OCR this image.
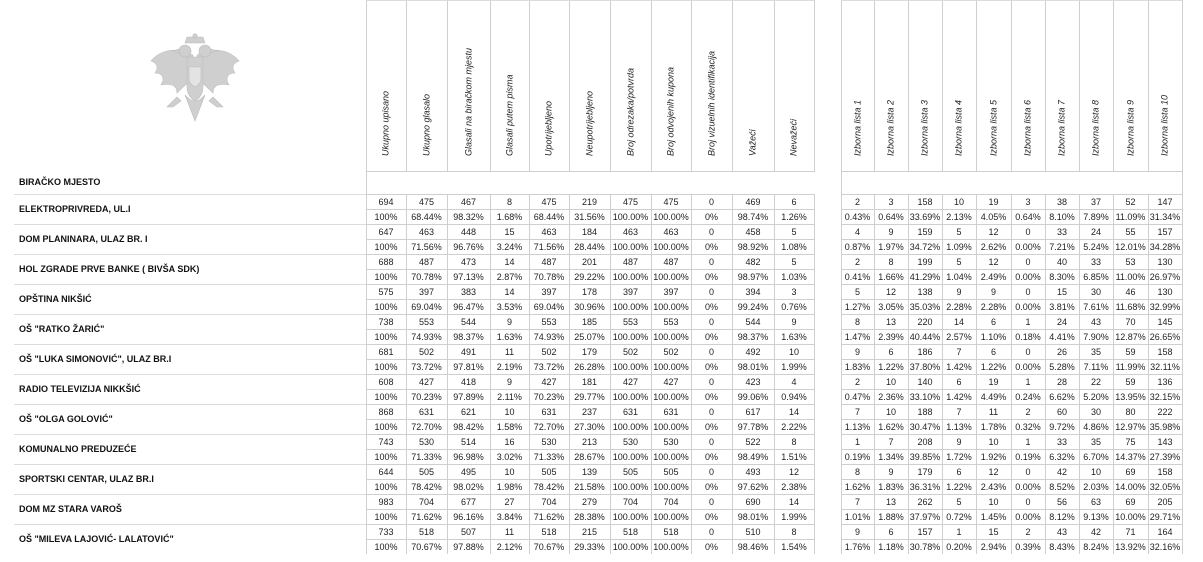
Ukupno upisano	Ukupno glasalo	Glasali na biračkom mjestu	Glasali putem pisma	Upotrijebljeno	Neupotrijebljeno	Broj odrezaka/potvrda	Broj odvojenih kupona	Broj vizuelnih identifikacija	Važeći	Nevažeći		Izborna lista 1	Izborna lista 2	Izborna lista 3	Izborna lista 4	Izborna lista 5	Izborna lista 6	Izborna lista 7	Izborna lista 8	Izborna lista 9	Izborna lista 10

BIRAČKO MJESTO																						
ELEKTROPRIVREDA, UL.I	694	475	467	8	475	219	475	475	0	469	6		2	3	158	10	19	3	38	37	52	147
	100%	68.44%	98.32%	1.68%	68.44%	31.56%	100.00%	100.00%	0%	98.74%	1.26%		0.43%	0.64%	33.69%	2.13%	4.05%	0.64%	8.10%	7.89%	11.09%	31.34%
DOM PLANINARA, ULAZ BR. I	647	463	448	15	463	184	463	463	0	458	5		4	9	159	5	12	0	33	24	55	157
	100%	71.56%	96.76%	3.24%	71.56%	28.44%	100.00%	100.00%	0%	98.92%	1.08%		0.87%	1.97%	34.72%	1.09%	2.62%	0.00%	7.21%	5.24%	12.01%	34.28%
HOL ZGRADE PRVE BANKE ( BIVŠA SDK)	688	487	473	14	487	201	487	487	0	482	5		2	8	199	5	12	0	40	33	53	130
	100%	70.78%	97.13%	2.87%	70.78%	29.22%	100.00%	100.00%	0%	98.97%	1.03%		0.41%	1.66%	41.29%	1.04%	2.49%	0.00%	8.30%	6.85%	11.00%	26.97%
OPŠTINA NIKŠIĆ	575	397	383	14	397	178	397	397	0	394	3		5	12	138	9	9	0	15	30	46	130
	100%	69.04%	96.47%	3.53%	69.04%	30.96%	100.00%	100.00%	0%	99.24%	0.76%		1.27%	3.05%	35.03%	2.28%	2.28%	0.00%	3.81%	7.61%	11.68%	32.99%
OŠ "RATKO ŽARIĆ"	738	553	544	9	553	185	553	553	0	544	9		8	13	220	14	6	1	24	43	70	145
	100%	74.93%	98.37%	1.63%	74.93%	25.07%	100.00%	100.00%	0%	98.37%	1.63%		1.47%	2.39%	40.44%	2.57%	1.10%	0.18%	4.41%	7.90%	12.87%	26.65%
OŠ "LUKA SIMONOVIĆ", ULAZ BR.I	681	502	491	11	502	179	502	502	0	492	10		9	6	186	7	6	0	26	35	59	158
	100%	73.72%	97.81%	2.19%	73.72%	26.28%	100.00%	100.00%	0%	98.01%	1.99%		1.83%	1.22%	37.80%	1.42%	1.22%	0.00%	5.28%	7.11%	11.99%	32.11%
RADIO TELEVIZIJA NIKKŠIĆ	608	427	418	9	427	181	427	427	0	423	4		2	10	140	6	19	1	28	22	59	136
	100%	70.23%	97.89%	2.11%	70.23%	29.77%	100.00%	100.00%	0%	99.06%	0.94%		0.47%	2.36%	33.10%	1.42%	4.49%	0.24%	6.62%	5.20%	13.95%	32.15%
OŠ "OLGA GOLOVIĆ"	868	631	621	10	631	237	631	631	0	617	14		7	10	188	7	11	2	60	30	80	222
	100%	72.70%	98.42%	1.58%	72.70%	27.30%	100.00%	100.00%	0%	97.78%	2.22%		1.13%	1.62%	30.47%	1.13%	1.78%	0.32%	9.72%	4.86%	12.97%	35.98%
KOMUNALNO PREDUZEĆE	743	530	514	16	530	213	530	530	0	522	8		1	7	208	9	10	1	33	35	75	143
	100%	71.33%	96.98%	3.02%	71.33%	28.67%	100.00%	100.00%	0%	98.49%	1.51%		0.19%	1.34%	39.85%	1.72%	1.92%	0.19%	6.32%	6.70%	14.37%	27.39%
SPORTSKI CENTAR, ULAZ BR.I	644	505	495	10	505	139	505	505	0	493	12		8	9	179	6	12	0	42	10	69	158
	100%	78.42%	98.02%	1.98%	78.42%	21.58%	100.00%	100.00%	0%	97.62%	2.38%		1.62%	1.83%	36.31%	1.22%	2.43%	0.00%	8.52%	2.03%	14.00%	32.05%
DOM MZ STARA VAROŠ	983	704	677	27	704	279	704	704	0	690	14		7	13	262	5	10	0	56	63	69	205
	100%	71.62%	96.16%	3.84%	71.62%	28.38%	100.00%	100.00%	0%	98.01%	1.99%		1.01%	1.88%	37.97%	0.72%	1.45%	0.00%	8.12%	9.13%	10.00%	29.71%
OŠ "MILEVA LAJOVIĆ- LALATOVIĆ"	733	518	507	11	518	215	518	518	0	510	8		9	6	157	1	15	2	43	42	71	164
	100%	70.67%	97.88%	2.12%	70.67%	29.33%	100.00%	100.00%	0%	98.46%	1.54%		1.76%	1.18%	30.78%	0.20%	2.94%	0.39%	8.43%	8.24%	13.92%	32.16%
